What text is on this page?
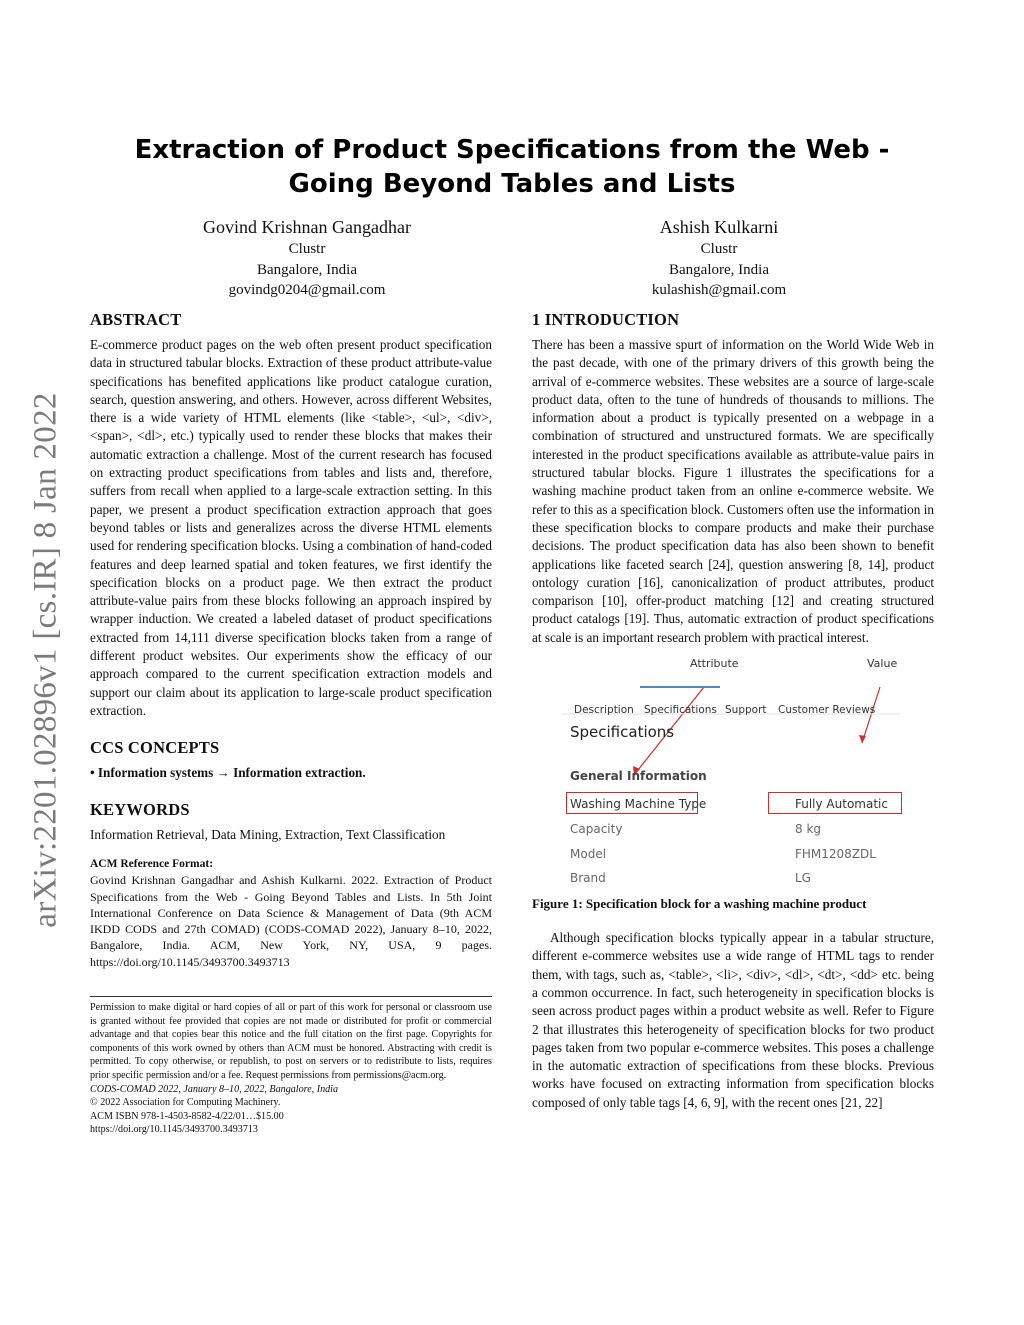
arXiv:2201.02896v1 [cs.IR] 8 Jan 2022
Extraction of Product Specifications from the Web - Going Beyond Tables and Lists
Govind Krishnan Gangadhar
Clustr
Bangalore, India
govindg0204@gmail.com
Ashish Kulkarni
Clustr
Bangalore, India
kulashish@gmail.com
ABSTRACT

E-commerce product pages on the web often present product specification data in structured tabular blocks. Extraction of these product attribute-value specifications has benefited applications like product catalogue curation, search, question answering, and others. However, across different Websites, there is a wide variety of HTML elements (like <table>, <ul>, <div>, <span>, <dl>, etc.) typically used to render these blocks that makes their automatic extraction a challenge. Most of the current research has focused on extracting product specifications from tables and lists and, therefore, suffers from recall when applied to a large-scale extraction setting. In this paper, we present a product specification extraction approach that goes beyond tables or lists and generalizes across the diverse HTML elements used for rendering specification blocks. Using a combination of hand-coded features and deep learned spatial and token features, we first identify the specification blocks on a product page. We then extract the product attribute-value pairs from these blocks following an approach inspired by wrapper induction. We created a labeled dataset of product specifications extracted from 14,111 diverse specification blocks taken from a range of different product websites. Our experiments show the efficacy of our approach compared to the current specification extraction models and support our claim about its application to large-scale product specification extraction.

CCS CONCEPTS

• Information systems → Information extraction.

KEYWORDS

Information Retrieval, Data Mining, Extraction, Text Classification

ACM Reference Format:

Govind Krishnan Gangadhar and Ashish Kulkarni. 2022. Extraction of Product Specifications from the Web - Going Beyond Tables and Lists. In 5th Joint International Conference on Data Science & Management of Data (9th ACM IKDD CODS and 27th COMAD) (CODS-COMAD 2022), January 8–10, 2022, Bangalore, India. ACM, New York, NY, USA, 9 pages. https://doi.org/10.1145/3493700.3493713

Permission to make digital or hard copies of all or part of this work for personal or classroom use is granted without fee provided that copies are not made or distributed for profit or commercial advantage and that copies bear this notice and the full citation on the first page. Copyrights for components of this work owned by others than ACM must be honored. Abstracting with credit is permitted. To copy otherwise, or republish, to post on servers or to redistribute to lists, requires prior specific permission and/or a fee. Request permissions from permissions@acm.org.

CODS-COMAD 2022, January 8–10, 2022, Bangalore, India

© 2022 Association for Computing Machinery.

ACM ISBN 978-1-4503-8582-4/22/01…$15.00

https://doi.org/10.1145/3493700.3493713

1 INTRODUCTION

There has been a massive spurt of information on the World Wide Web in the past decade, with one of the primary drivers of this growth being the arrival of e-commerce websites. These websites are a source of large-scale product data, often to the tune of hundreds of thousands to millions. The information about a product is typically presented on a webpage in a combination of structured and unstructured formats. We are specifically interested in the product specifications available as attribute-value pairs in structured tabular blocks. Figure 1 illustrates the specifications for a washing machine product taken from an online e-commerce website. We refer to this as a specification block. Customers often use the information in these specification blocks to compare products and make their purchase decisions. The product specification data has also been shown to benefit applications like faceted search [24], question answering [8, 14], product ontology curation [16], canonicalization of product attributes, product comparison [10], offer-product matching [12] and creating structured product catalogs [19]. Thus, automatic extraction of product specifications at scale is an important research problem with practical interest.

Attribute	Value
Description Specifications Support Customer Reviews
Specifications
General Information
Washing Machine Type	Fully Automatic
Capacity	8 kg
Model	FHM1208ZDL
Brand	LG

Figure 1: Specification block for a washing machine product

Although specification blocks typically appear in a tabular structure, different e-commerce websites use a wide range of HTML tags to render them, with tags, such as, <table>, <li>, <div>, <dl>, <dt>, <dd> etc. being a common occurrence. In fact, such heterogeneity in specification blocks is seen across product pages within a product website as well. Refer to Figure 2 that illustrates this heterogeneity of specification blocks for two product pages taken from two popular e-commerce websites. This poses a challenge in the automatic extraction of specifications from these blocks. Previous works have focused on extracting information from specification blocks composed of only table tags [4, 6, 9], with the recent ones [21, 22]
